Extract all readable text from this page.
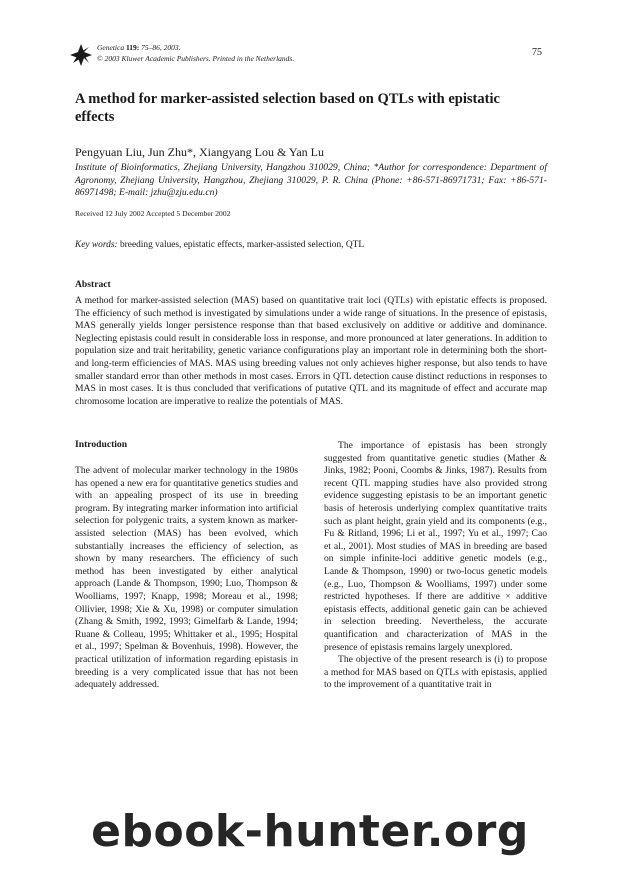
Genetica 119: 75–86, 2003.
© 2003 Kluwer Academic Publishers. Printed in the Netherlands.	75
A method for marker-assisted selection based on QTLs with epistatic effects
Pengyuan Liu, Jun Zhu*, Xiangyang Lou & Yan Lu
Institute of Bioinformatics, Zhejiang University, Hangzhou 310029, China; *Author for correspondence: Department of Agronomy, Zhejiang University, Hangzhou, Zhejiang 310029, P. R. China (Phone: +86-571-86971731; Fax: +86-571-86971498; E-mail: jzhu@zju.edu.cn)
Received 12 July 2002 Accepted 5 December 2002
Key words: breeding values, epistatic effects, marker-assisted selection, QTL
Abstract

A method for marker-assisted selection (MAS) based on quantitative trait loci (QTLs) with epistatic effects is proposed. The efficiency of such method is investigated by simulations under a wide range of situations. In the presence of epistasis, MAS generally yields longer persistence response than that based exclusively on additive or additive and dominance. Neglecting epistasis could result in considerable loss in response, and more pronounced at later generations. In addition to population size and trait heritability, genetic variance configurations play an important role in determining both the short- and long-term efficiencies of MAS. MAS using breeding values not only achieves higher response, but also tends to have smaller standard error than other methods in most cases. Errors in QTL detection cause distinct reductions in responses to MAS in most cases. It is thus concluded that verifications of putative QTL and its magnitude of effect and accurate map chromosome location are imperative to realize the potentials of MAS.

Introduction

The advent of molecular marker technology in the 1980s has opened a new era for quantitative genetics studies and with an appealing prospect of its use in breeding program. By integrating marker information into artificial selection for polygenic traits, a system known as marker-assisted selection (MAS) has been evolved, which substantially increases the efficiency of selection, as shown by many researchers. The efficiency of such method has been investigated by either analytical approach (Lande & Thompson, 1990; Luo, Thompson & Woolliams, 1997; Knapp, 1998; Moreau et al., 1998; Ollivier, 1998; Xie & Xu, 1998) or computer simulation (Zhang & Smith, 1992, 1993; Gimelfarb & Lande, 1994; Ruane & Colleau, 1995; Whittaker et al., 1995; Hospital et al., 1997; Spelman & Bovenhuis, 1998). However, the practical utilization of information regarding epistasis in breeding is a very complicated issue that has not been adequately addressed.

The importance of epistasis has been strongly suggested from quantitative genetic studies (Mather & Jinks, 1982; Pooni, Coombs & Jinks, 1987). Results from recent QTL mapping studies have also provided strong evidence suggesting epistasis to be an important genetic basis of heterosis underlying complex quantitative traits such as plant height, grain yield and its components (e.g., Fu & Ritland, 1996; Li et al., 1997; Yu et al., 1997; Cao et al., 2001). Most studies of MAS in breeding are based on simple infinite-loci additive genetic models (e.g., Lande & Thompson, 1990) or two-locus genetic models (e.g., Luo, Thompson & Woolliams, 1997) under some restricted hypotheses. If there are additive × additive epistasis effects, additional genetic gain can be achieved in selection breeding. Nevertheless, the accurate quantification and characterization of MAS in the presence of epistasis remains largely unexplored.

The objective of the present research is (i) to propose a method for MAS based on QTLs with epistasis, applied to the improvement of a quantitative trait in

ebook-hunter.org
